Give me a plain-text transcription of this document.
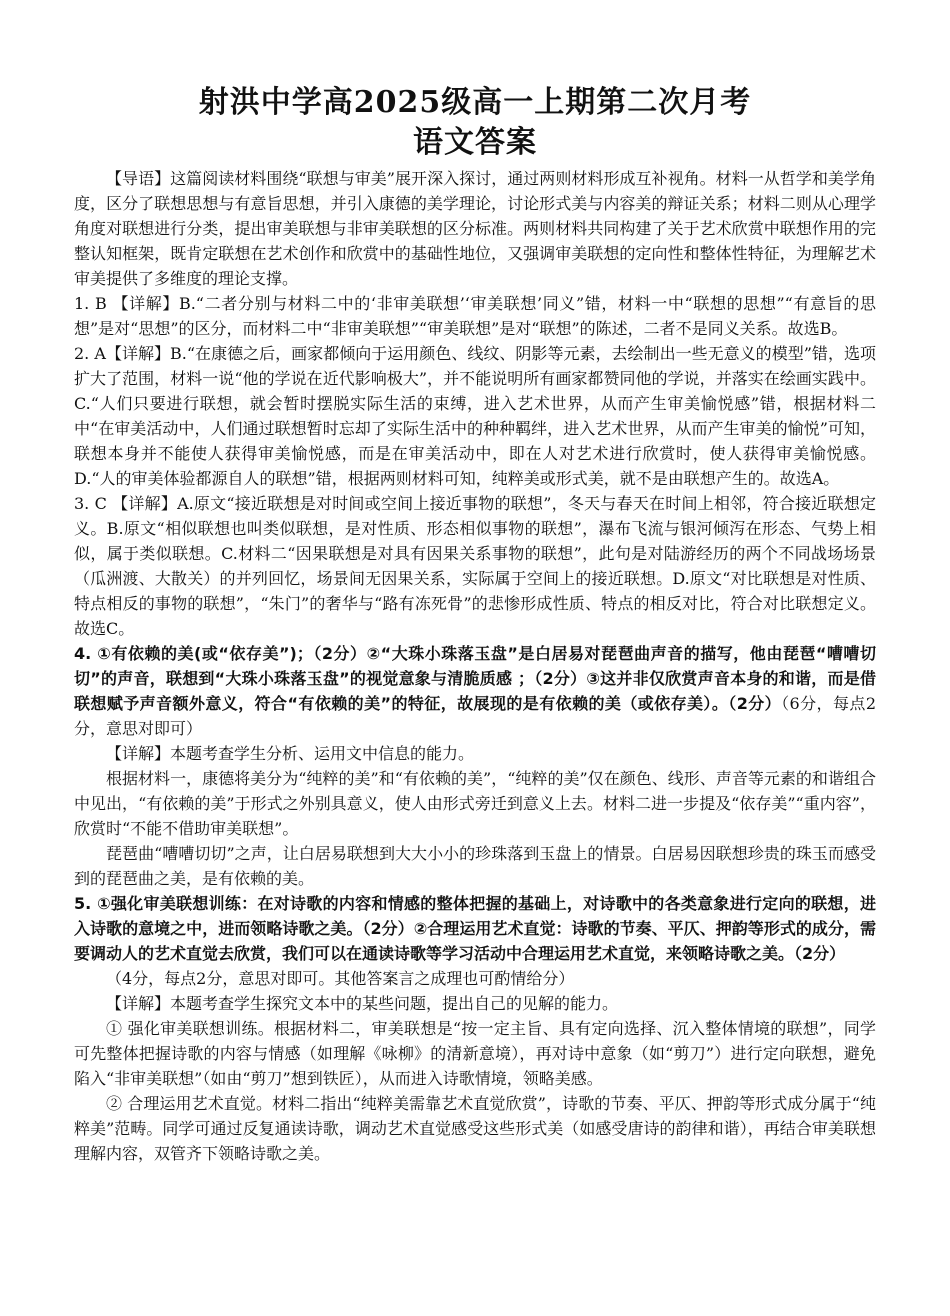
射洪中学高2025级高一上期第二次月考
语文答案

【导语】这篇阅读材料围绕“联想与审美”展开深入探讨，通过两则材料形成互补视角。材料一从哲学和美学角度，区分了联想思想与有意旨思想，并引入康德的美学理论，讨论形式美与内容美的辩证关系；材料二则从心理学角度对联想进行分类，提出审美联想与非审美联想的区分标准。两则材料共同构建了关于艺术欣赏中联想作用的完整认知框架，既肯定联想在艺术创作和欣赏中的基础性地位，又强调审美联想的定向性和整体性特征，为理解艺术审美提供了多维度的理论支撑。

1. B 【详解】B.“二者分别与材料二中的‘非审美联想’‘审美联想’同义”错，材料一中“联想的思想”“有意旨的思想”是对“思想”的区分，而材料二中“非审美联想”“审美联想”是对“联想”的陈述，二者不是同义关系。故选B。

2. A【详解】B.“在康德之后，画家都倾向于运用颜色、线纹、阴影等元素，去绘制出一些无意义的模型”错，选项扩大了范围，材料一说“他的学说在近代影响极大”，并不能说明所有画家都赞同他的学说，并落实在绘画实践中。C.“人们只要进行联想，就会暂时摆脱实际生活的束缚，进入艺术世界，从而产生审美愉悦感”错，根据材料二中“在审美活动中，人们通过联想暂时忘却了实际生活中的种种羁绊，进入艺术世界，从而产生审美的愉悦”可知，联想本身并不能使人获得审美愉悦感，而是在审美活动中，即在人对艺术进行欣赏时，使人获得审美愉悦感。D.“人的审美体验都源自人的联想”错，根据两则材料可知，纯粹美或形式美，就不是由联想产生的。故选A。

3. C 【详解】A.原文“接近联想是对时间或空间上接近事物的联想”，冬天与春天在时间上相邻，符合接近联想定义。B.原文“相似联想也叫类似联想，是对性质、形态相似事物的联想”，瀑布飞流与银河倾泻在形态、气势上相似，属于类似联想。C.材料二“因果联想是对具有因果关系事物的联想”，此句是对陆游经历的两个不同战场场景（瓜洲渡、大散关）的并列回忆，场景间无因果关系，实际属于空间上的接近联想。D.原文“对比联想是对性质、特点相反的事物的联想”，“朱门”的奢华与“路有冻死骨”的悲惨形成性质、特点的相反对比，符合对比联想定义。故选C。

4. ①有依赖的美(或“依存美”)；（2分）②“大珠小珠落玉盘”是白居易对琵琶曲声音的描写，他由琵琶“嘈嘈切切”的声音，联想到“大珠小珠落玉盘”的视觉意象与清脆质感 ；（2分）③这并非仅欣赏声音本身的和谐，而是借联想赋予声音额外意义，符合“有依赖的美”的特征，故展现的是有依赖的美（或依存美）。（2分）（6分，每点2分，意思对即可）

【详解】本题考查学生分析、运用文中信息的能力。

根据材料一，康德将美分为“纯粹的美”和“有依赖的美”，“纯粹的美”仅在颜色、线形、声音等元素的和谐组合中见出，“有依赖的美”于形式之外别具意义，使人由形式旁迁到意义上去。材料二进一步提及“依存美”“重内容”，欣赏时“不能不借助审美联想”。

琵琶曲“嘈嘈切切”之声，让白居易联想到大大小小的珍珠落到玉盘上的情景。白居易因联想珍贵的珠玉而感受到的琵琶曲之美，是有依赖的美。

5. ①强化审美联想训练：在对诗歌的内容和情感的整体把握的基础上，对诗歌中的各类意象进行定向的联想，进入诗歌的意境之中，进而领略诗歌之美。（2分）②合理运用艺术直觉：诗歌的节奏、平仄、押韵等形式的成分，需要调动人的艺术直觉去欣赏，我们可以在通读诗歌等学习活动中合理运用艺术直觉，来领略诗歌之美。（2分）

（4分，每点2分，意思对即可。其他答案言之成理也可酌情给分）

【详解】本题考查学生探究文本中的某些问题，提出自己的见解的能力。

① 强化审美联想训练。根据材料二，审美联想是“按一定主旨、具有定向选择、沉入整体情境的联想”，同学可先整体把握诗歌的内容与情感（如理解《咏柳》的清新意境），再对诗中意象（如“剪刀”）进行定向联想，避免陷入“非审美联想”（如由“剪刀”想到铁匠），从而进入诗歌情境，领略美感。

② 合理运用艺术直觉。材料二指出“纯粹美需靠艺术直觉欣赏”，诗歌的节奏、平仄、押韵等形式成分属于“纯粹美”范畴。同学可通过反复通读诗歌，调动艺术直觉感受这些形式美（如感受唐诗的韵律和谐），再结合审美联想理解内容，双管齐下领略诗歌之美。
